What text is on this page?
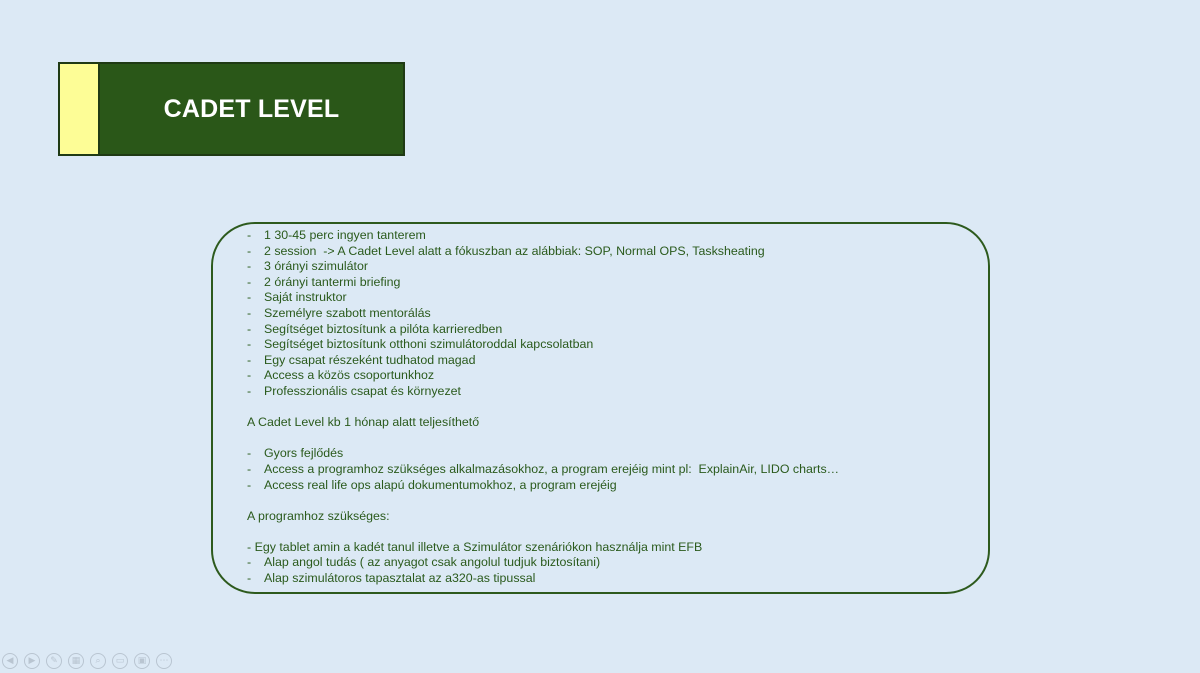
CADET LEVEL
- 1 30-45 perc ingyen tanterem
- 2 session  -> A Cadet Level alatt a fókuszban az alábbiak: SOP, Normal OPS, Tasksheating
- 3 órányi szimulátor
- 2 órányi tantermi briefing
- Saját instruktor
- Személyre szabott mentorálás
- Segítséget biztosítunk a pilóta karrieredben
- Segítséget biztosítunk otthoni szimulátoroddal kapcsolatban
- Egy csapat részeként tudhatod magad
- Access a közös csoportunkhoz
- Professzionális csapat és környezet
A Cadet Level kb 1 hónap alatt teljesíthető
- Gyors fejlődés
- Access a programhoz szükséges alkalmazásokhoz, a program erejéig mint pl:  ExplainAir, LIDO charts…
- Access real life ops alapú dokumentumokhoz, a program erejéig
A programhoz szükséges:
- Egy tablet amin a kadét tanul illetve a Szimulátor szenáriókon használja mint EFB
- Alap angol tudás ( az anyagot csak angolul tudjuk biztosítani)
- Alap szimulátoros tapasztalat az a320-as tipussal
◀	▶	✎	▦	⌕	▭	▣	⋯
